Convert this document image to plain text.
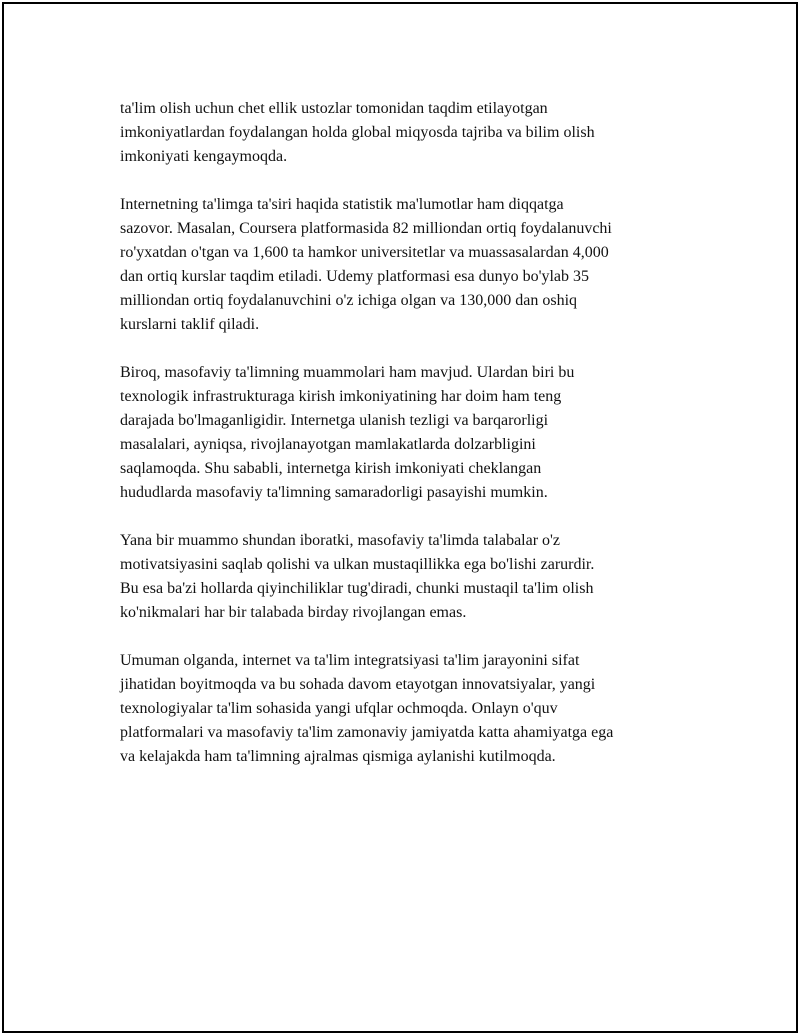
ta'lim olish uchun chet ellik ustozlar tomonidan taqdim etilayotgan
imkoniyatlardan foydalangan holda global miqyosda tajriba va bilim olish
imkoniyati kengaymoqda.

Internetning ta'limga ta'siri haqida statistik ma'lumotlar ham diqqatga
sazovor. Masalan, Coursera platformasida 82 milliondan ortiq foydalanuvchi
ro'yxatdan o'tgan va 1,600 ta hamkor universitetlar va muassasalardan 4,000
dan ortiq kurslar taqdim etiladi. Udemy platformasi esa dunyo bo'ylab 35
milliondan ortiq foydalanuvchini o'z ichiga olgan va 130,000 dan oshiq
kurslarni taklif qiladi.

Biroq, masofaviy ta'limning muammolari ham mavjud. Ulardan biri bu
texnologik infrastrukturaga kirish imkoniyatining har doim ham teng
darajada bo'lmaganligidir. Internetga ulanish tezligi va barqarorligi
masalalari, ayniqsa, rivojlanayotgan mamlakatlarda dolzarbligini
saqlamoqda. Shu sababli, internetga kirish imkoniyati cheklangan
hududlarda masofaviy ta'limning samaradorligi pasayishi mumkin.

Yana bir muammo shundan iboratki, masofaviy ta'limda talabalar o'z
motivatsiyasini saqlab qolishi va ulkan mustaqillikka ega bo'lishi zarurdir.
Bu esa ba'zi hollarda qiyinchiliklar tug'diradi, chunki mustaqil ta'lim olish
ko'nikmalari har bir talabada birday rivojlangan emas.

Umuman olganda, internet va ta'lim integratsiyasi ta'lim jarayonini sifat
jihatidan boyitmoqda va bu sohada davom etayotgan innovatsiyalar, yangi
texnologiyalar ta'lim sohasida yangi ufqlar ochmoqda. Onlayn o'quv
platformalari va masofaviy ta'lim zamonaviy jamiyatda katta ahamiyatga ega
va kelajakda ham ta'limning ajralmas qismiga aylanishi kutilmoqda.
